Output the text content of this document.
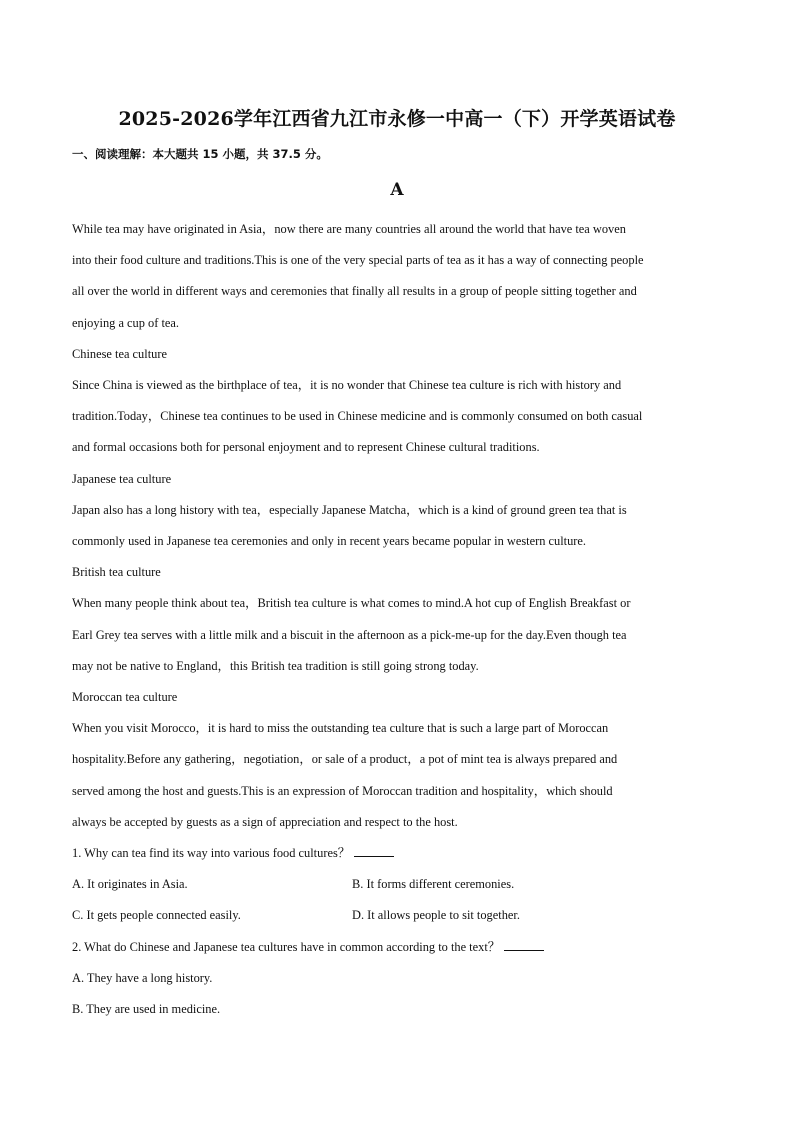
2025-2026学年江西省九江市永修一中高一（下）开学英语试卷
一、阅读理解：本大题共 15 小题，共 37.5 分。
A

While tea may have originated in Asia，now there are many countries all around the world that have tea woven
into their food culture and traditions.This is one of the very special parts of tea as it has a way of connecting people
all over the world in different ways and ceremonies that finally all results in a group of people sitting together and
enjoying a cup of tea.

Chinese tea culture

Since China is viewed as the birthplace of tea，it is no wonder that Chinese tea culture is rich with history and
tradition.Today，Chinese tea continues to be used in Chinese medicine and is commonly consumed on both casual
and formal occasions both for personal enjoyment and to represent Chinese cultural traditions.

Japanese tea culture

Japan also has a long history with tea，especially Japanese Matcha，which is a kind of ground green tea that is
commonly used in Japanese tea ceremonies and only in recent years became popular in western culture.

British tea culture

When many people think about tea，British tea culture is what comes to mind.A hot cup of English Breakfast or
Earl Grey tea serves with a little milk and a biscuit in the afternoon as a pick-me-up for the day.Even though tea
may not be native to England，this British tea tradition is still going strong today.

Moroccan tea culture

When you visit Morocco，it is hard to miss the outstanding tea culture that is such a large part of Moroccan
hospitality.Before any gathering，negotiation，or sale of a product，a pot of mint tea is always prepared and
served among the host and guests.This is an expression of Moroccan tradition and hospitality，which should
always be accepted by guests as a sign of appreciation and respect to the host.

1. Why can tea find its way into various food cultures？

A. It originates in Asia.	B. It forms different ceremonies.
C. It gets people connected easily.	D. It allows people to sit together.

2. What do Chinese and Japanese tea cultures have in common according to the text？

A. They have a long history.
B. They are used in medicine.
